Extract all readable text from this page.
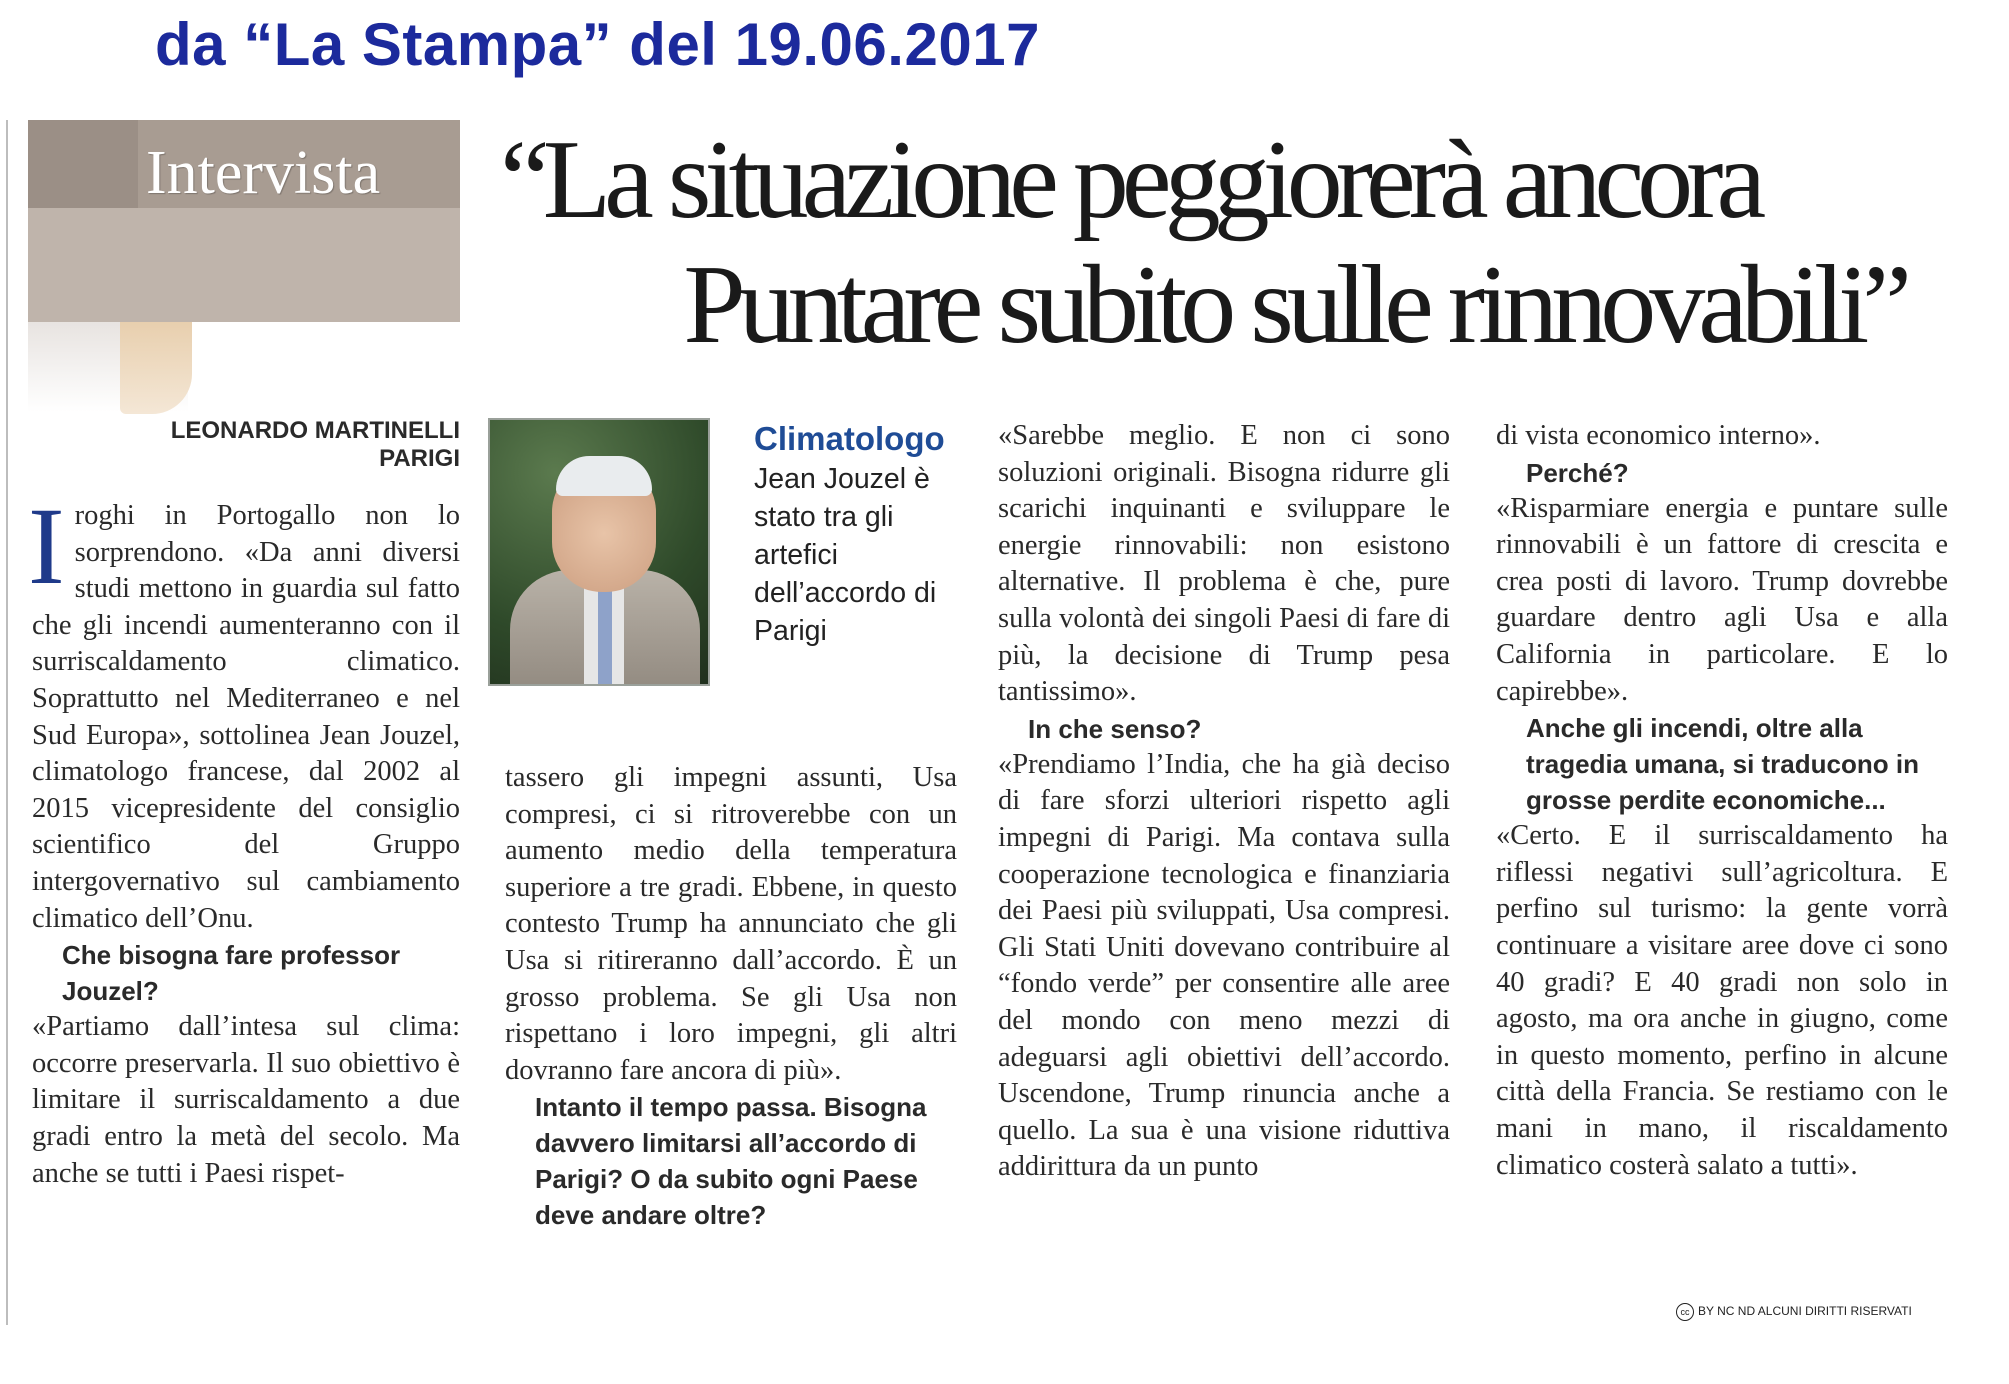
da “La Stampa” del 19.06.2017
Intervista “La situazione peggiorerà ancora
Puntare subito sulle rinnovabili”
LEONARDO MARTINELLI
PARIGI

Iroghi in Portogallo non lo sorprendono. «Da anni diversi studi mettono in guardia sul fatto che gli incendi aumenteranno con il surriscaldamento climatico. Soprattutto nel Mediterraneo e nel Sud Europa», sottolinea Jean Jouzel, climatologo francese, dal 2002 al 2015 vicepresidente del consiglio scientifico del Gruppo intergovernativo sul cambiamento climatico dell’Onu.

Che bisogna fare professor Jouzel?

«Partiamo dall’intesa sul clima: occorre preservarla. Il suo obiettivo è limitare il surriscaldamento a due gradi entro la metà del secolo. Ma anche se tutti i Paesi rispet-

Climatologo
Jean Jouzel è stato tra gli artefici dell’accordo di Parigi

tassero gli impegni assunti, Usa compresi, ci si ritroverebbe con un aumento medio della temperatura superiore a tre gradi. Ebbene, in questo contesto Trump ha annunciato che gli Usa si ritireranno dall’accordo. È un grosso problema. Se gli Usa non rispettano i loro impegni, gli altri dovranno fare ancora di più».

Intanto il tempo passa. Bisogna davvero limitarsi all’accordo di Parigi? O da subito ogni Paese deve andare oltre?

«Sarebbe meglio. E non ci sono soluzioni originali. Bisogna ridurre gli scarichi inquinanti e sviluppare le energie rinnovabili: non esistono alternative. Il problema è che, pure sulla volontà dei singoli Paesi di fare di più, la decisione di Trump pesa tantissimo».

In che senso?

«Prendiamo l’India, che ha già deciso di fare sforzi ulteriori rispetto agli impegni di Parigi. Ma contava sulla cooperazione tecnologica e finanziaria dei Paesi più sviluppati, Usa compresi. Gli Stati Uniti dovevano contribuire al “fondo verde” per consentire alle aree del mondo con meno mezzi di adeguarsi agli obiettivi dell’accordo. Uscendone, Trump rinuncia anche a quello. La sua è una visione riduttiva addirittura da un punto

di vista economico interno».

Perché?

«Risparmiare energia e puntare sulle rinnovabili è un fattore di crescita e crea posti di lavoro. Trump dovrebbe guardare dentro agli Usa e alla California in particolare. E lo capirebbe».

Anche gli incendi, oltre alla tragedia umana, si traducono in grosse perdite economiche...

«Certo. E il surriscaldamento ha riflessi negativi sull’agricoltura. E perfino sul turismo: la gente vorrà continuare a visitare aree dove ci sono 40 gradi? E 40 gradi non solo in agosto, ma ora anche in giugno, come in questo momento, perfino in alcune città della Francia. Se restiamo con le mani in mano, il riscaldamento climatico costerà salato a tutti».

cc BY NC ND ALCUNI DIRITTI RISERVATI
